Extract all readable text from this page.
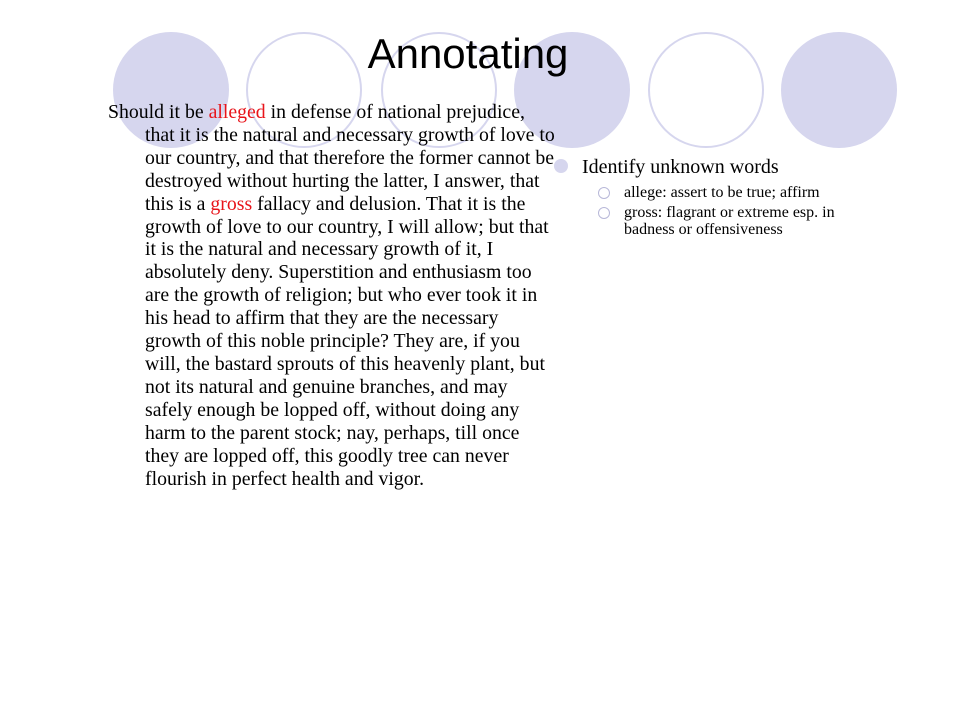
Annotating

Should it be alleged in defense of national prejudice, that it is the natural and necessary growth of love to our country, and that therefore the former cannot be destroyed without hurting the latter, I answer, that this is a gross fallacy and delusion. That it is the growth of love to our country, I will allow; but that it is the natural and necessary growth of it, I absolutely deny. Superstition and enthusiasm too are the growth of religion; but who ever took it in his head to affirm that they are the necessary growth of this noble principle? They are, if you will, the bastard sprouts of this heavenly plant, but not its natural and genuine branches, and may safely enough be lopped off, without doing any harm to the parent stock; nay, perhaps, till once they are lopped off, this goodly tree can never flourish in perfect health and vigor.

Identify unknown words
allege: assert to be true; affirm
gross: flagrant or extreme esp. in badness or offensiveness
